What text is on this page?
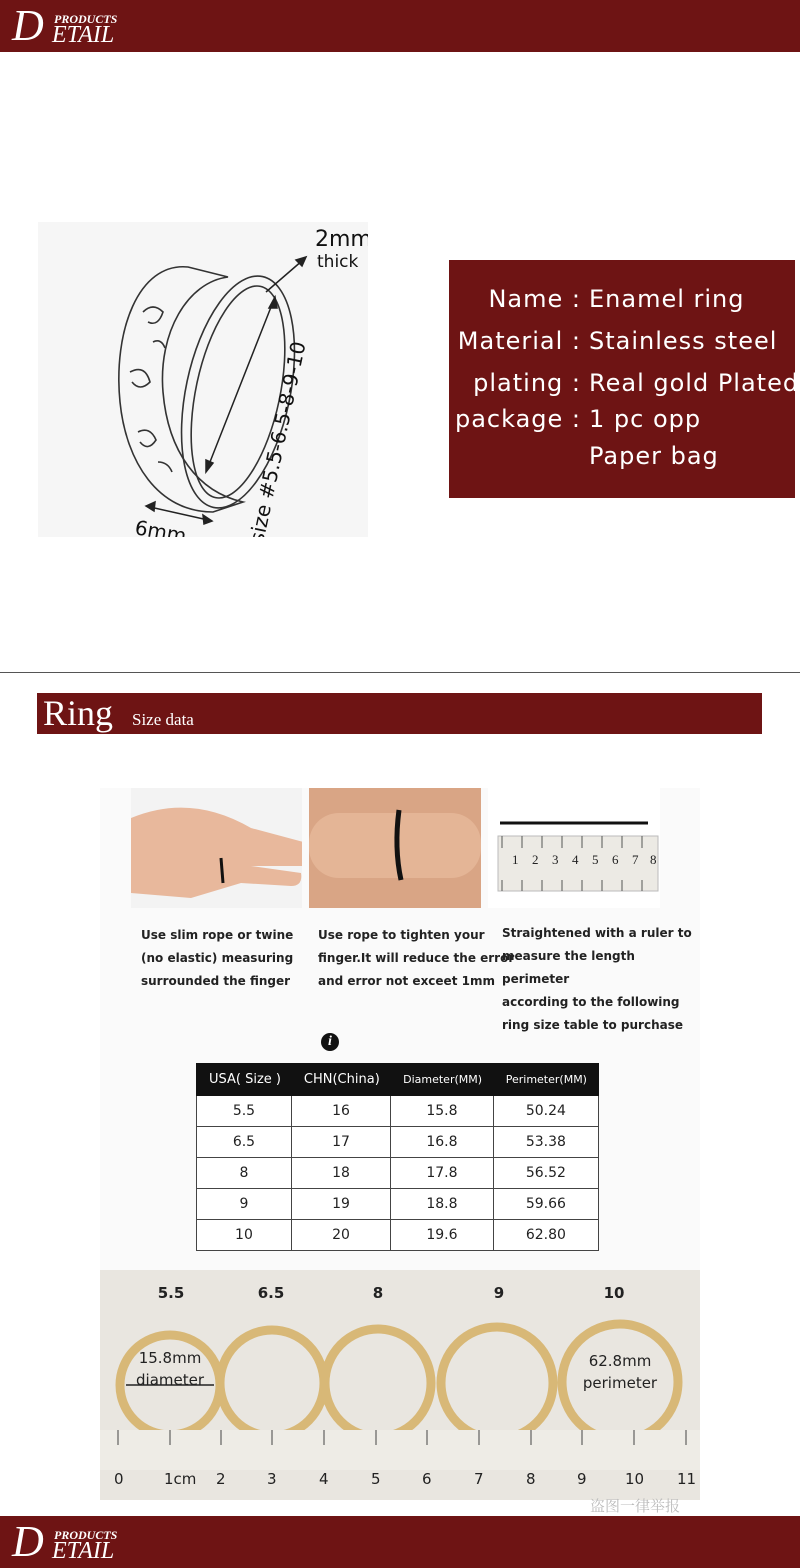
D PRODUCTS
ETAIL
2mm
thick
size #5.5-6.5-8-9-10
6mm
Name : Enamel ring
Material : Stainless steel
plating : Real gold Plated
package : 1 pc opp
Paper bag
Ring Size data
1 2 3 4 5 6 7 8
Use slim rope or twine
(no elastic) measuring
surrounded the finger
Use rope to tighten your
finger.It will reduce the error
and error not exceet 1mm
Straightened with a ruler to
measure the length perimeter
according to the following
ring size table to purchase
i
USA( Size )	CHN(China)	Diameter(MM)	Perimeter(MM)
5.5	16	15.8	50.24
6.5	17	16.8	53.38
8	18	17.8	56.52
9	19	18.8	59.66
10	20	19.6	62.80
5.5	6.5	8	9	10
15.8mm
diameter
62.8mm
perimeter
0	1cm 2	3	4	5	6	7	8	9	10 11
盗图一律举报
D PRODUCTS
ETAIL
